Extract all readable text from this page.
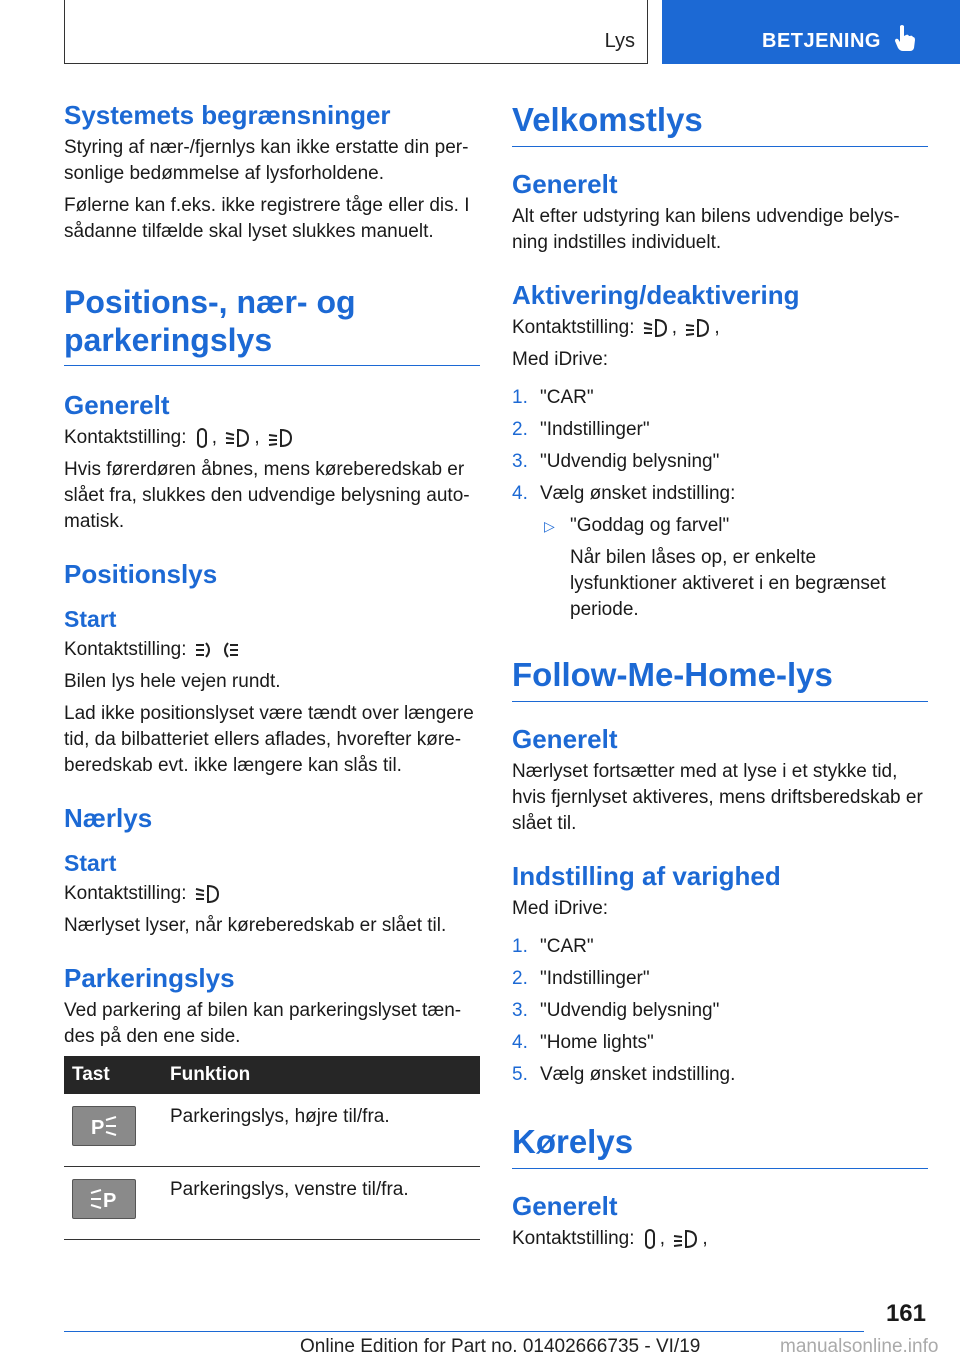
Lys	BETJENING
Systemets begrænsninger

Styring af nær-/fjernlys kan ikke erstatte din per-sonlige bedømmelse af lysforholdene.

Følerne kan f.eks. ikke registrere tåge eller dis. I sådanne tilfælde skal lyset slukkes manuelt.

Positions-, nær- og parkeringslys
Generelt

Kontaktstilling: , ,

Hvis førerdøren åbnes, mens køreberedskab er slået fra, slukkes den udvendige belysning auto-matisk.

Positionslys
Start

Kontaktstilling:

Bilen lys hele vejen rundt.

Lad ikke positionslyset være tændt over længere tid, da bilbatteriet ellers aflades, hvorefter køre-beredskab evt. ikke længere kan slås til.

Nærlys
Start

Kontaktstilling:

Nærlyset lyser, når køreberedskab er slået til.

Parkeringslys

Ved parkering af bilen kan parkeringslyset tæn-des på den ene side.

Tast	Funktion

P	Parkeringslys, højre til/fra.

P	Parkeringslys, venstre til/fra.
Velkomstlys
Generelt

Alt efter udstyring kan bilens udvendige belys-ning indstilles individuelt.

Aktivering/deaktivering

Kontaktstilling: , ,

Med iDrive:

1. "CAR"
2. "Indstillinger"
3. "Udvendig belysning"
4. Vælg ønsket indstilling:
▷ "Goddag og farvel"
Når bilen låses op, er enkelte lysfunktioner aktiveret i en begrænset periode.
Follow-Me-Home-lys
Generelt

Nærlyset fortsætter med at lyse i et stykke tid, hvis fjernlyset aktiveres, mens driftsberedskab er slået til.

Indstilling af varighed

Med iDrive:

1. "CAR"
2. "Indstillinger"
3. "Udvendig belysning"
4. "Home lights"
5. Vælg ønsket indstilling.
Kørelys
Generelt

Kontaktstilling: , ,

161
Online Edition for Part no. 01402666735 - VI/19	manualsonline.info
